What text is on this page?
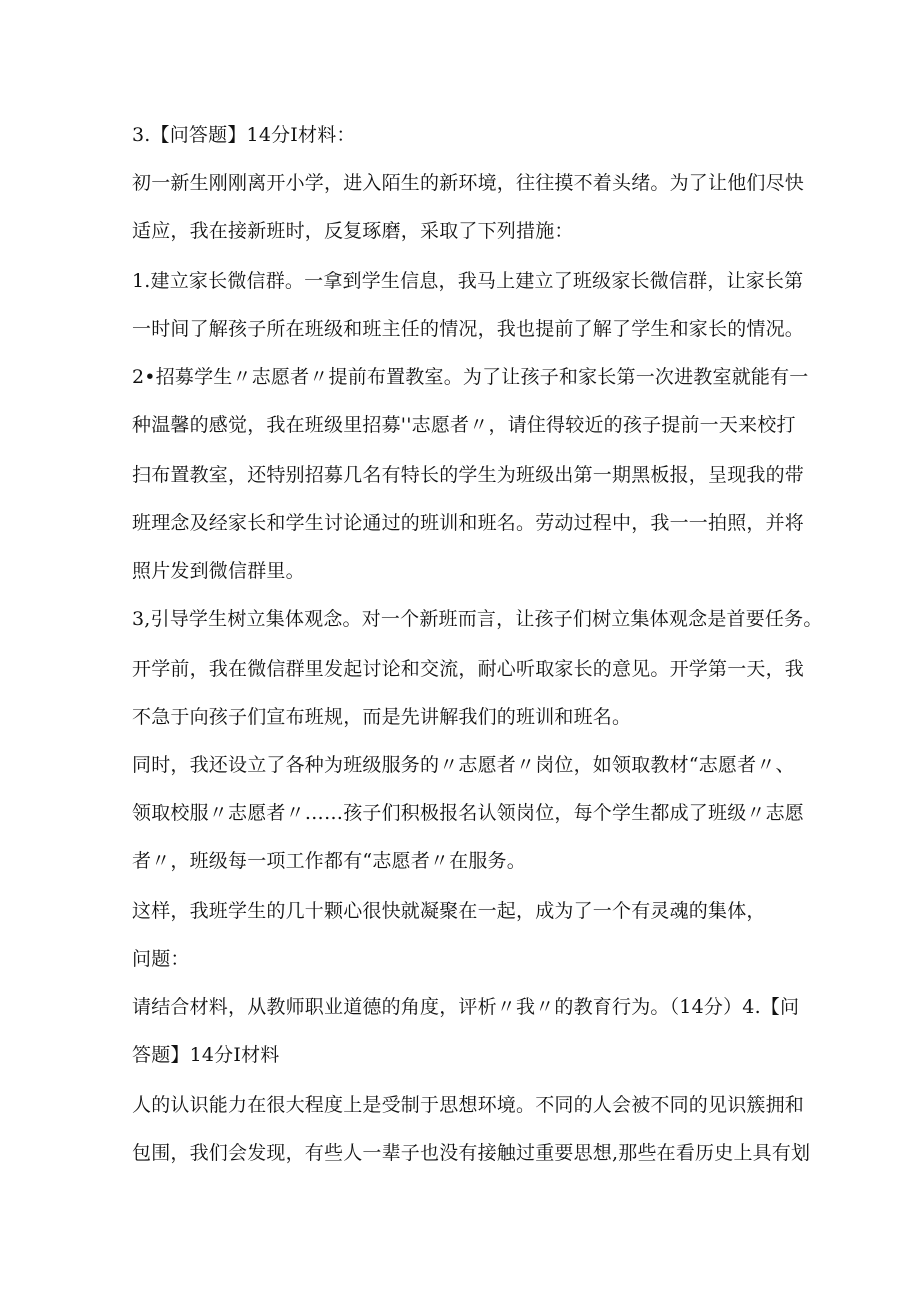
3.【问答题】14分I材料：
初一新生刚刚离开小学，进入陌生的新环境，往往摸不着头绪。为了让他们尽快
适应，我在接新班时，反复琢磨，采取了下列措施：
1.建立家长微信群。一拿到学生信息，我马上建立了班级家长微信群，让家长第
一时间了解孩子所在班级和班主任的情况，我也提前了解了学生和家长的情况。
2•招募学生〃志愿者〃提前布置教室。为了让孩子和家长第一次进教室就能有一
种温馨的感觉，我在班级里招募''志愿者〃，请住得较近的孩子提前一天来校打
扫布置教室，还特别招募几名有特长的学生为班级出第一期黑板报，呈现我的带
班理念及经家长和学生讨论通过的班训和班名。劳动过程中，我一一拍照，并将
照片发到微信群里。
3,引导学生树立集体观念。对一个新班而言，让孩子们树立集体观念是首要任务。
开学前，我在微信群里发起讨论和交流，耐心听取家长的意见。开学第一天，我
不急于向孩子们宣布班规，而是先讲解我们的班训和班名。
同时，我还设立了各种为班级服务的〃志愿者〃岗位，如领取教材“志愿者〃、
领取校服〃志愿者〃……孩子们积极报名认领岗位，每个学生都成了班级〃志愿
者〃，班级每一项工作都有“志愿者〃在服务。
这样，我班学生的几十颗心很快就凝聚在一起，成为了一个有灵魂的集体，
问题：
请结合材料，从教师职业道德的角度，评析〃我〃的教育行为。（14分）4.【问
答题】14分I材料
人的认识能力在很大程度上是受制于思想环境。不同的人会被不同的见识簇拥和
包围，我们会发现，有些人一辈子也没有接触过重要思想,那些在看历史上具有划
